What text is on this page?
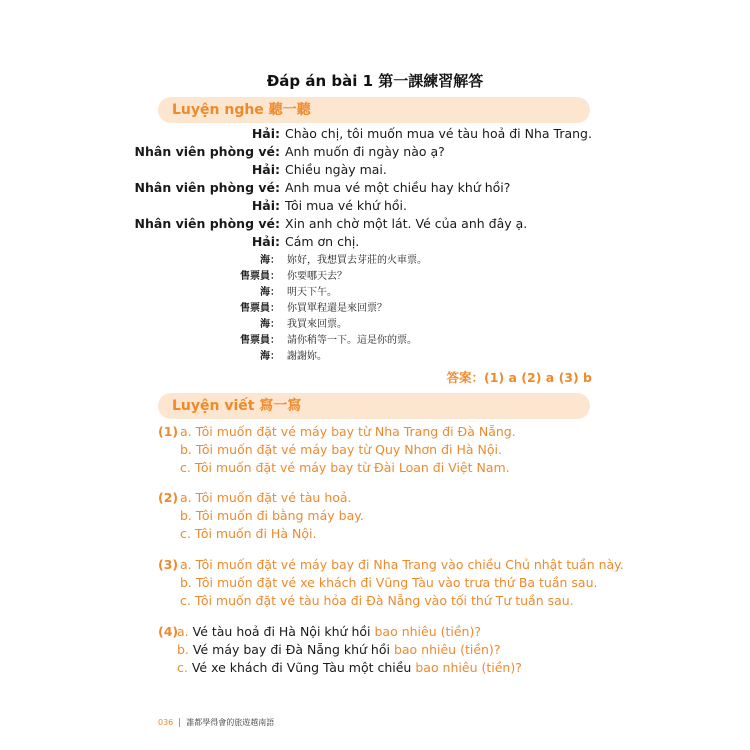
Đáp án bài 1 第一課練習解答
Luyện nghe 聽一聽
Hải: Chào chị, tôi muốn mua vé tàu hoả đi Nha Trang.
Nhân viên phòng vé: Anh muốn đi ngày nào ạ?
Hải: Chiều ngày mai.
Nhân viên phòng vé: Anh mua vé một chiều hay khứ hồi?
Hải: Tôi mua vé khứ hồi.
Nhân viên phòng vé: Xin anh chờ một lát. Vé của anh đây ạ.
Hải: Cám ơn chị.
海： 妳好，我想買去芽莊的火車票。
售票員： 你要哪天去？
海： 明天下午。
售票員： 你買單程還是來回票？
海： 我買來回票。
售票員： 請你稍等一下。這是你的票。
海： 謝謝妳。
答案：(1) a (2) a (3) b
Luyện viết 寫一寫
(1) a. Tôi muốn đặt vé máy bay từ Nha Trang đi Đà Nẵng.
b. Tôi muốn đặt vé máy bay từ Quy Nhơn đi Hà Nội.
c. Tôi muốn đặt vé máy bay từ Đài Loan đi Việt Nam.
(2) a. Tôi muốn đặt vé tàu hoả.
b. Tôi muốn đi bằng máy bay.
c. Tôi muốn đi Hà Nội.
(3) a. Tôi muốn đặt vé máy bay đi Nha Trang vào chiều Chủ nhật tuần này.
b. Tôi muốn đặt vé xe khách đi Vũng Tàu vào trưa thứ Ba tuần sau.
c. Tôi muốn đặt vé tàu hỏa đi Đà Nẵng vào tối thứ Tư tuần sau.
(4)
a. Vé tàu hoả đi Hà Nội khứ hồi bao nhiêu (tiền)?
b. Vé máy bay đi Đà Nẵng khứ hồi bao nhiêu (tiền)?
c. Vé xe khách đi Vũng Tàu một chiều bao nhiêu (tiền)?
036 誰都學得會的旅遊越南語
